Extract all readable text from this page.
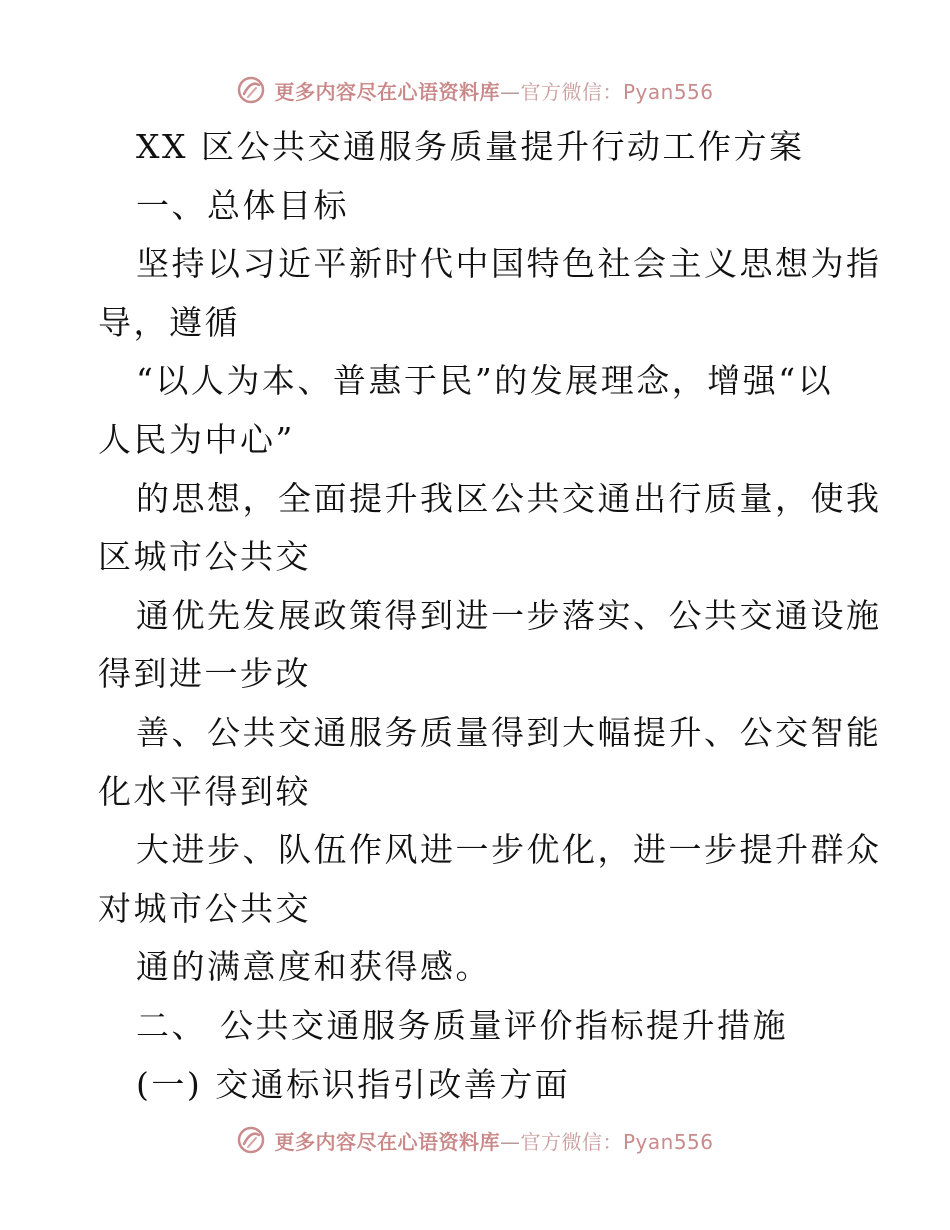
更多内容尽在心语资料库—官方微信：Pyan556
XX 区公共交通服务质量提升行动工作方案
一、总体目标
坚持以习近平新时代中国特色社会主义思想为指
导，遵循
“以人为本、普惠于民”的发展理念，增强“以
人民为中心”
的思想，全面提升我区公共交通出行质量，使我
区城市公共交
通优先发展政策得到进一步落实、公共交通设施
得到进一步改
善、公共交通服务质量得到大幅提升、公交智能
化水平得到较
大进步、队伍作风进一步优化，进一步提升群众
对城市公共交
通的满意度和获得感。
二、 公共交通服务质量评价指标提升措施
(一) 交通标识指引改善方面
更多内容尽在心语资料库—官方微信：Pyan556
